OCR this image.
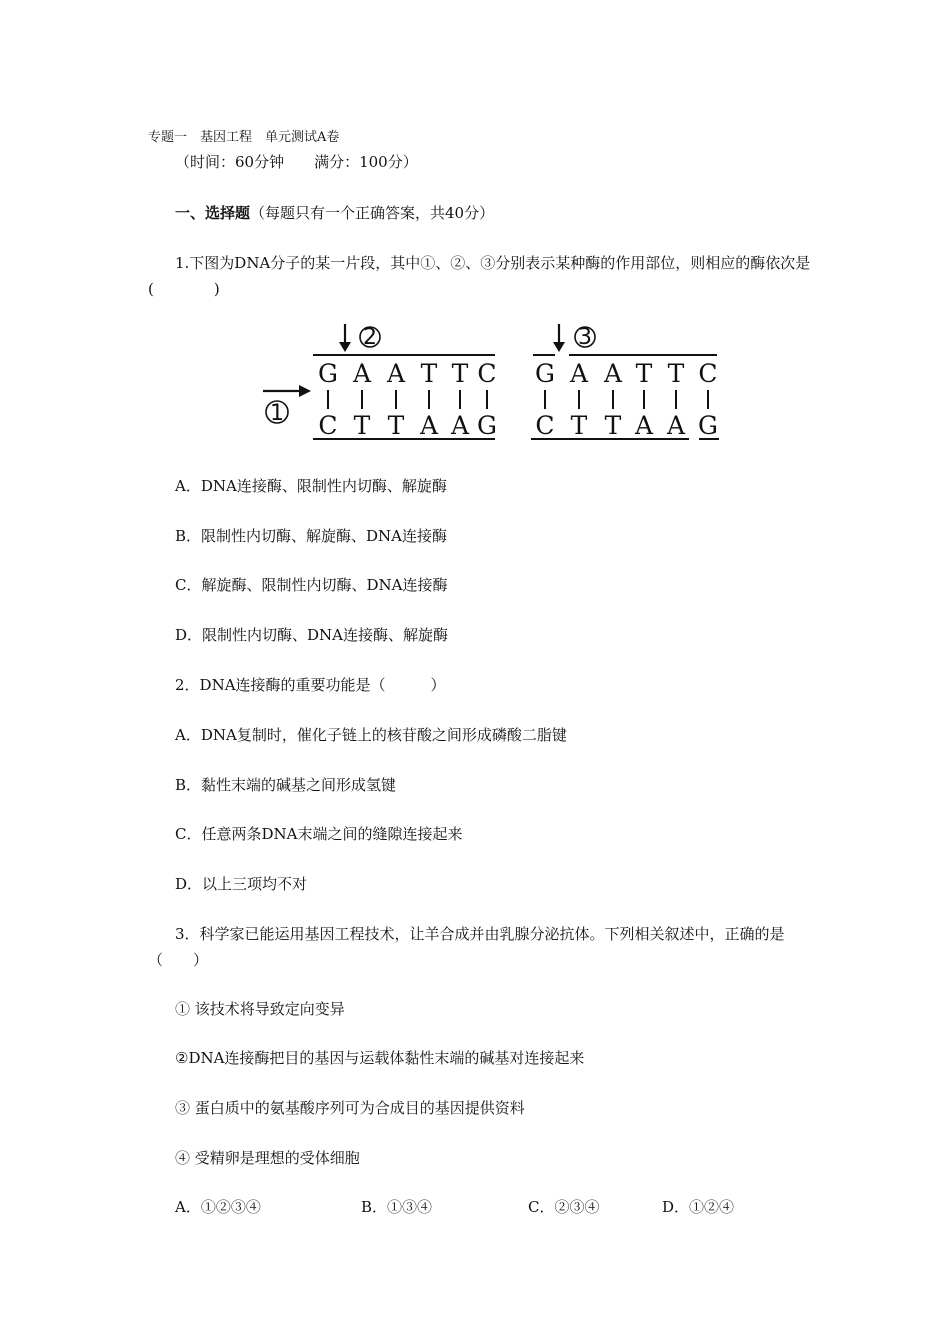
专题一　基因工程　单元测试A卷
（时间：60分钟　　满分：100分）
一、选择题（每题只有一个正确答案，共40分）
1.下图为DNA分子的某一片段，其中①、②、③分别表示某种酶的作用部位，则相应的酶依次是(　　　　)
2
1
G A A T T C
C T T A A G
3
G A A T T C
C T T A A G
A．DNA连接酶、限制性内切酶、解旋酶
B．限制性内切酶、解旋酶、DNA连接酶
C．解旋酶、限制性内切酶、DNA连接酶
D．限制性内切酶、DNA连接酶、解旋酶
2．DNA连接酶的重要功能是（　　　）
A．DNA复制时，催化子链上的核苷酸之间形成磷酸二脂键
B．黏性末端的碱基之间形成氢键
C．任意两条DNA末端之间的缝隙连接起来
D．以上三项均不对
3．科学家已能运用基因工程技术，让羊合成并由乳腺分泌抗体。下列相关叙述中，正确的是（　　）
① 该技术将导致定向变异
②DNA连接酶把目的基因与运载体黏性末端的碱基对连接起来
③ 蛋白质中的氨基酸序列可为合成目的基因提供资料
④ 受精卵是理想的受体细胞
A．①②③④	B．①③④	C．②③④	D．①②④
